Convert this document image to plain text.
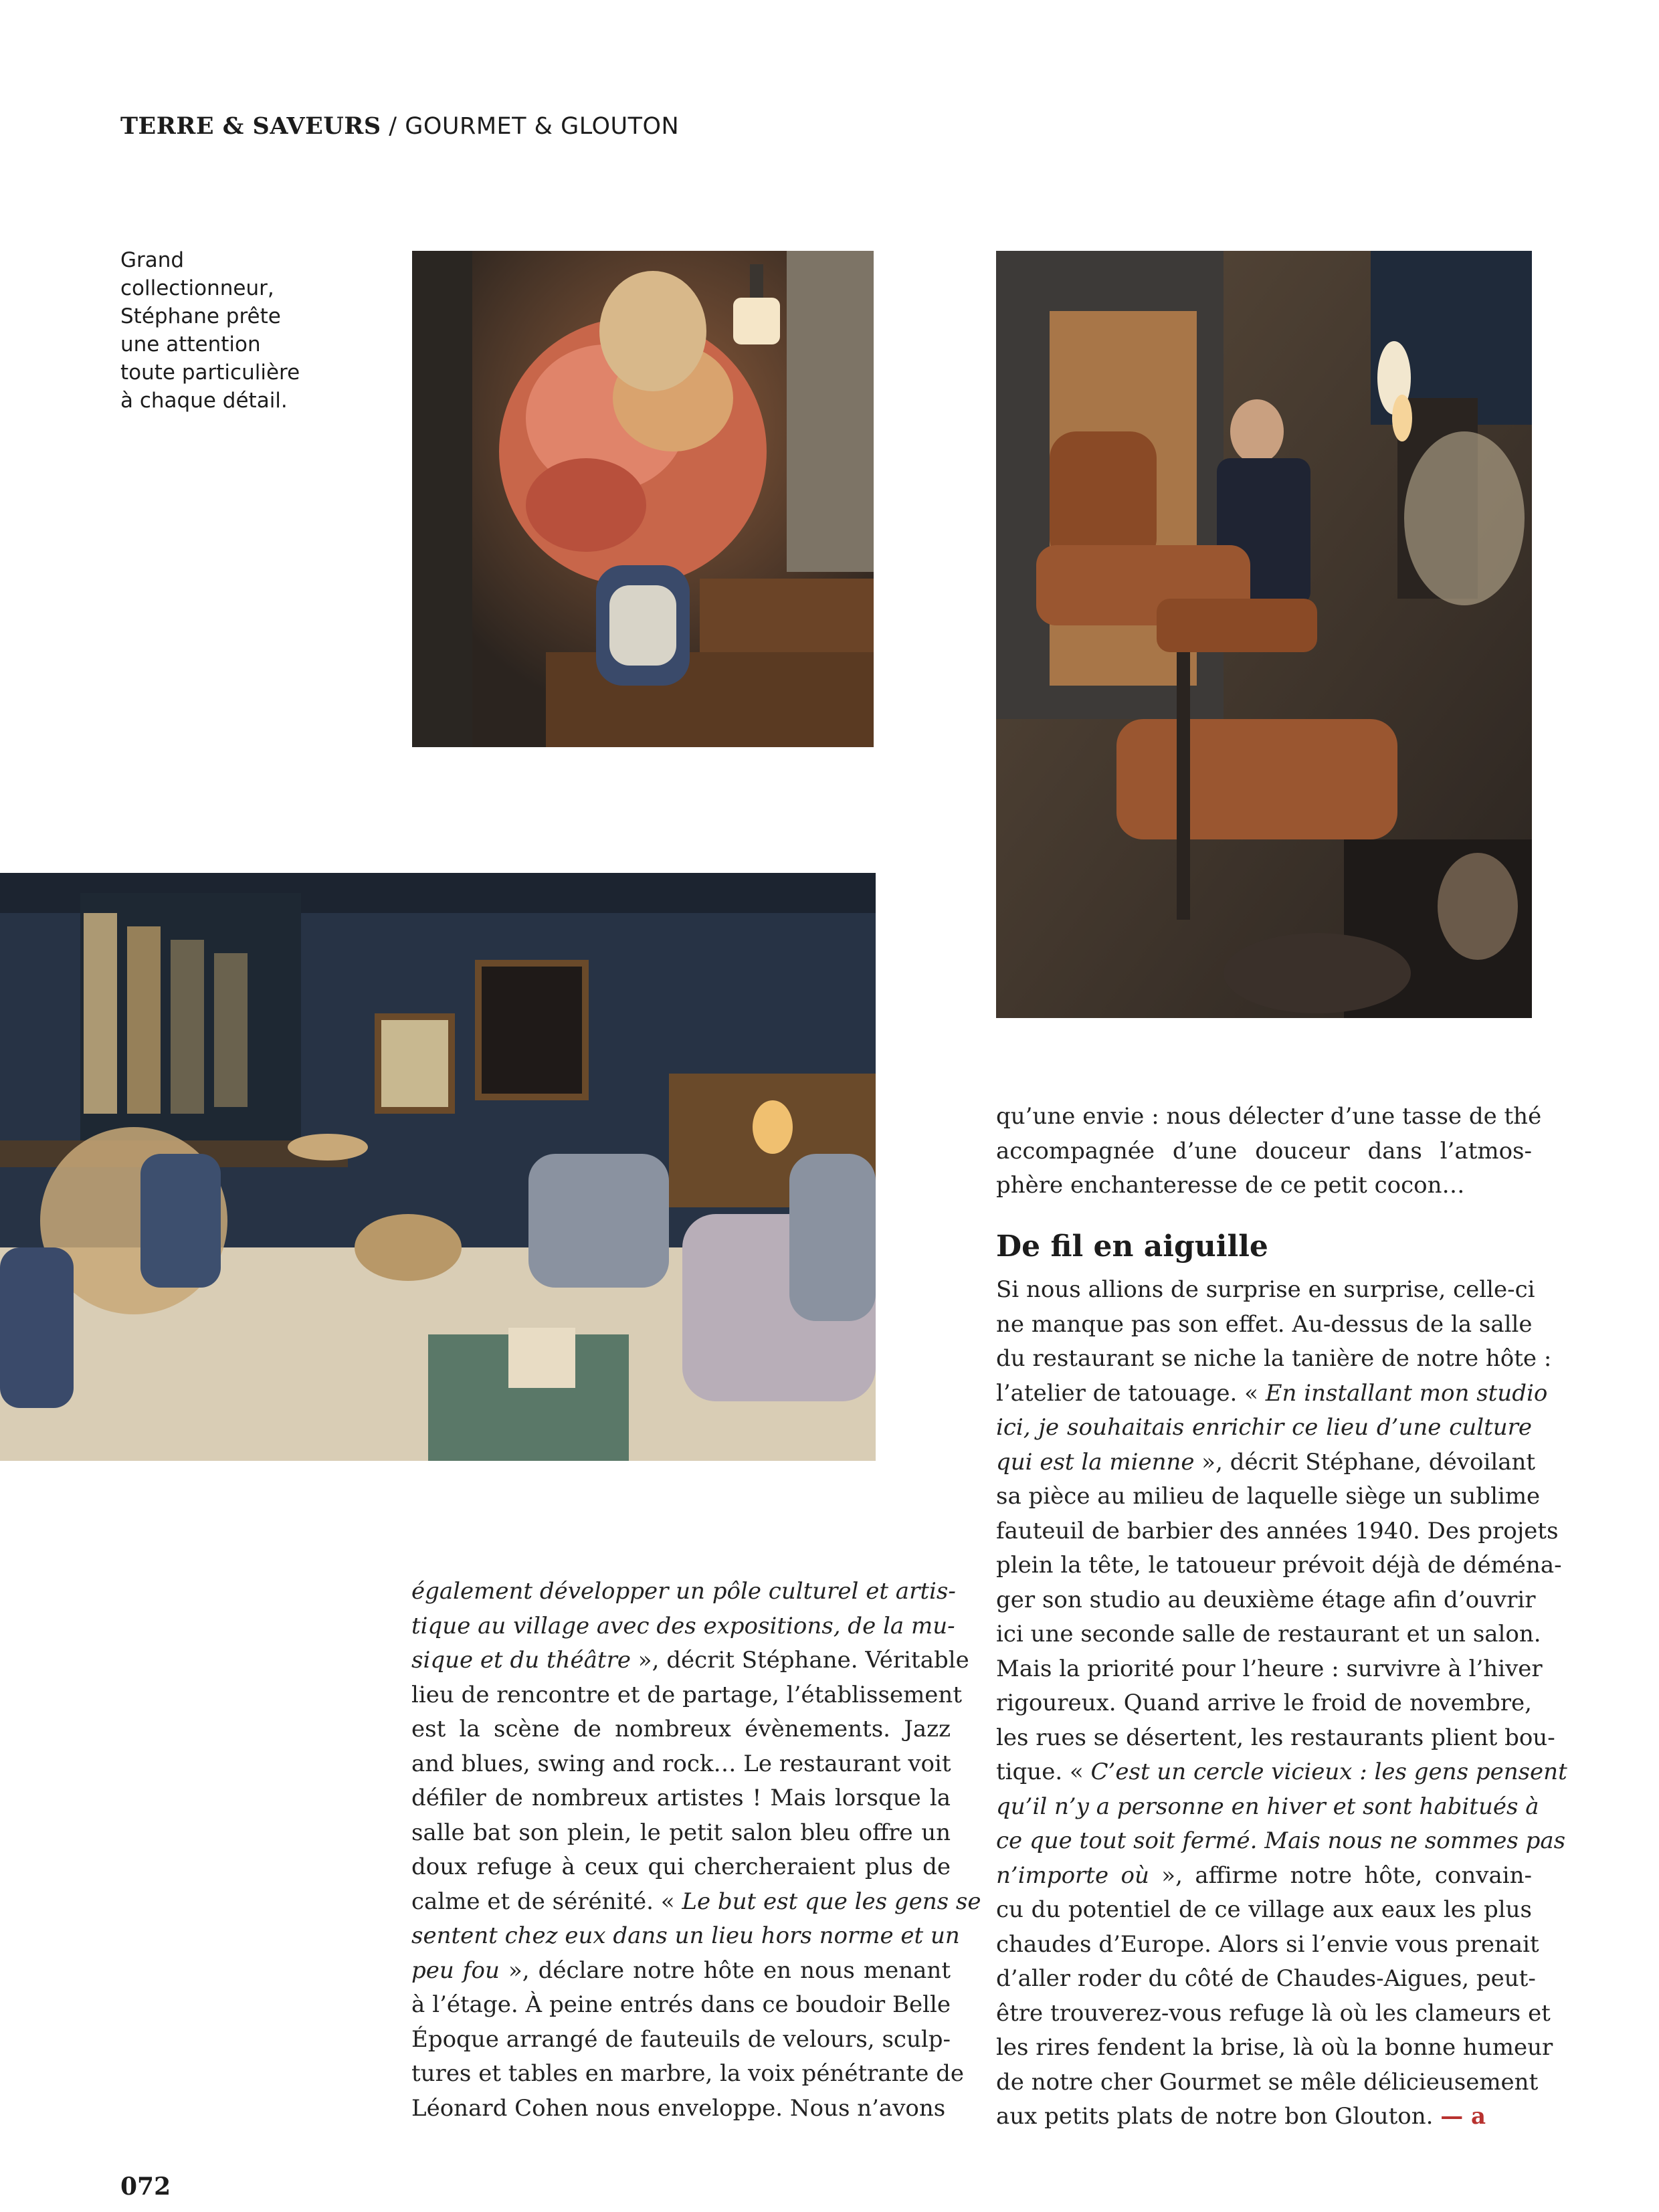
TERRE & SAVEURS / GOURMET & GLOUTON
Grand
collectionneur,
Stéphane prête
une attention
toute particulière
à chaque détail.
qu’une envie : nous délecter d’une tasse de thé
accompagnée d’une douceur dans l’atmos-
phère enchanteresse de ce petit cocon…
De fil en aiguille
Si nous allions de surprise en surprise, celle-ci
ne manque pas son effet. Au-dessus de la salle
du restaurant se niche la tanière de notre hôte :
l’atelier de tatouage. « En installant mon studio
ici, je souhaitais enrichir ce lieu d’une culture
qui est la mienne », décrit Stéphane, dévoilant
sa pièce au milieu de laquelle siège un sublime
fauteuil de barbier des années 1940. Des projets
plein la tête, le tatoueur prévoit déjà de déména-
ger son studio au deuxième étage afin d’ouvrir
ici une seconde salle de restaurant et un salon.
Mais la priorité pour l’heure : survivre à l’hiver
rigoureux. Quand arrive le froid de novembre,
les rues se désertent, les restaurants plient bou-
tique. « C’est un cercle vicieux : les gens pensent
qu’il n’y a personne en hiver et sont habitués à
ce que tout soit fermé. Mais nous ne sommes pas
n’importe où », affirme notre hôte, convain-
cu du potentiel de ce village aux eaux les plus
chaudes d’Europe. Alors si l’envie vous prenait
d’aller roder du côté de Chaudes-Aigues, peut-
être trouverez-vous refuge là où les clameurs et
les rires fendent la brise, là où la bonne humeur
de notre cher Gourmet se mêle délicieusement
aux petits plats de notre bon Glouton. — a
également développer un pôle culturel et artis-
tique au village avec des expositions, de la mu-
sique et du théâtre », décrit Stéphane. Véritable
lieu de rencontre et de partage, l’établissement
est la scène de nombreux évènements. Jazz
and blues, swing and rock… Le restaurant voit
défiler de nombreux artistes ! Mais lorsque la
salle bat son plein, le petit salon bleu offre un
doux refuge à ceux qui chercheraient plus de
calme et de sérénité. « Le but est que les gens se
sentent chez eux dans un lieu hors norme et un
peu fou », déclare notre hôte en nous menant
à l’étage. À peine entrés dans ce boudoir Belle
Époque arrangé de fauteuils de velours, sculp-
tures et tables en marbre, la voix pénétrante de
Léonard Cohen nous enveloppe. Nous n’avons
072
